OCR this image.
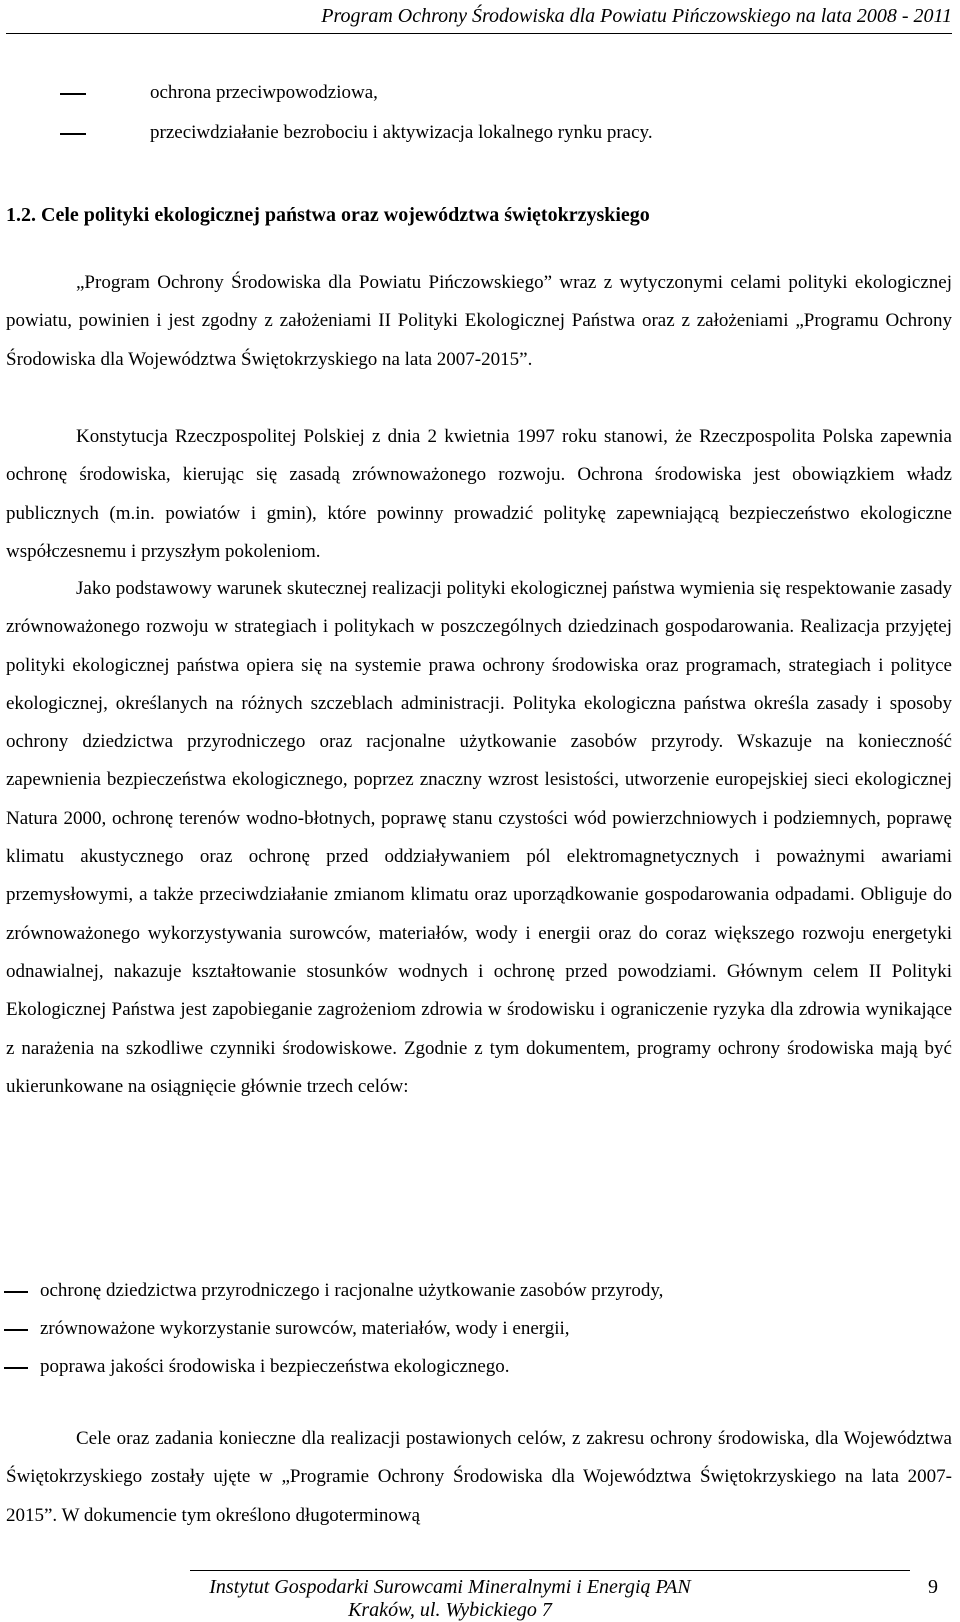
Program Ochrony Środowiska dla Powiatu Pińczowskiego na lata 2008 - 2011
ochrona przeciwpowodziowa,
przeciwdziałanie bezrobociu i aktywizacja lokalnego rynku pracy.
1.2. Cele polityki ekologicznej państwa oraz województwa świętokrzyskiego

„Program Ochrony Środowiska dla Powiatu Pińczowskiego” wraz z wytyczonymi celami polityki ekologicznej powiatu, powinien i jest zgodny z założeniami II Polityki Ekologicznej Państwa oraz z założeniami „Programu Ochrony Środowiska dla Województwa Świętokrzyskiego na lata 2007-2015”.

Konstytucja Rzeczpospolitej Polskiej z dnia 2 kwietnia 1997 roku stanowi, że Rzeczpospolita Polska zapewnia ochronę środowiska, kierując się zasadą zrównoważonego rozwoju. Ochrona środowiska jest obowiązkiem władz publicznych (m.in. powiatów i gmin), które powinny prowadzić politykę zapewniającą bezpieczeństwo ekologiczne współczesnemu i przyszłym pokoleniom.

Jako podstawowy warunek skutecznej realizacji polityki ekologicznej państwa wymienia się respektowanie zasady zrównoważonego rozwoju w strategiach i politykach w poszczególnych dziedzinach gospodarowania. Realizacja przyjętej polityki ekologicznej państwa opiera się na systemie prawa ochrony środowiska oraz programach, strategiach i polityce ekologicznej, określanych na różnych szczeblach administracji. Polityka ekologiczna państwa określa zasady i sposoby ochrony dziedzictwa przyrodniczego oraz racjonalne użytkowanie zasobów przyrody. Wskazuje na konieczność zapewnienia bezpieczeństwa ekologicznego, poprzez znaczny wzrost lesistości, utworzenie europejskiej sieci ekologicznej Natura 2000, ochronę terenów wodno-błotnych, poprawę stanu czystości wód powierzchniowych i podziemnych, poprawę klimatu akustycznego oraz ochronę przed oddziaływaniem pól elektromagnetycznych i poważnymi awariami przemysłowymi, a także przeciwdziałanie zmianom klimatu oraz uporządkowanie gospodarowania odpadami. Obliguje do zrównoważonego wykorzystywania surowców, materiałów, wody i energii oraz do coraz większego rozwoju energetyki odnawialnej, nakazuje kształtowanie stosunków wodnych i ochronę przed powodziami. Głównym celem II Polityki Ekologicznej Państwa jest zapobieganie zagrożeniom zdrowia w środowisku i ograniczenie ryzyka dla zdrowia wynikające z narażenia na szkodliwe czynniki środowiskowe. Zgodnie z tym dokumentem, programy ochrony środowiska mają być ukierunkowane na osiągnięcie głównie trzech celów:

ochronę dziedzictwa przyrodniczego i racjonalne użytkowanie zasobów przyrody,
zrównoważone wykorzystanie surowców, materiałów, wody i energii,
poprawa jakości środowiska i bezpieczeństwa ekologicznego.

Cele oraz zadania konieczne dla realizacji postawionych celów, z zakresu ochrony środowiska, dla Województwa Świętokrzyskiego zostały ujęte w „Programie Ochrony Środowiska dla Województwa Świętokrzyskiego na lata 2007-2015”. W dokumencie tym określono długoterminową

Instytut Gospodarki Surowcami Mineralnymi i Energią PAN
Kraków, ul. Wybickiego 7
9
